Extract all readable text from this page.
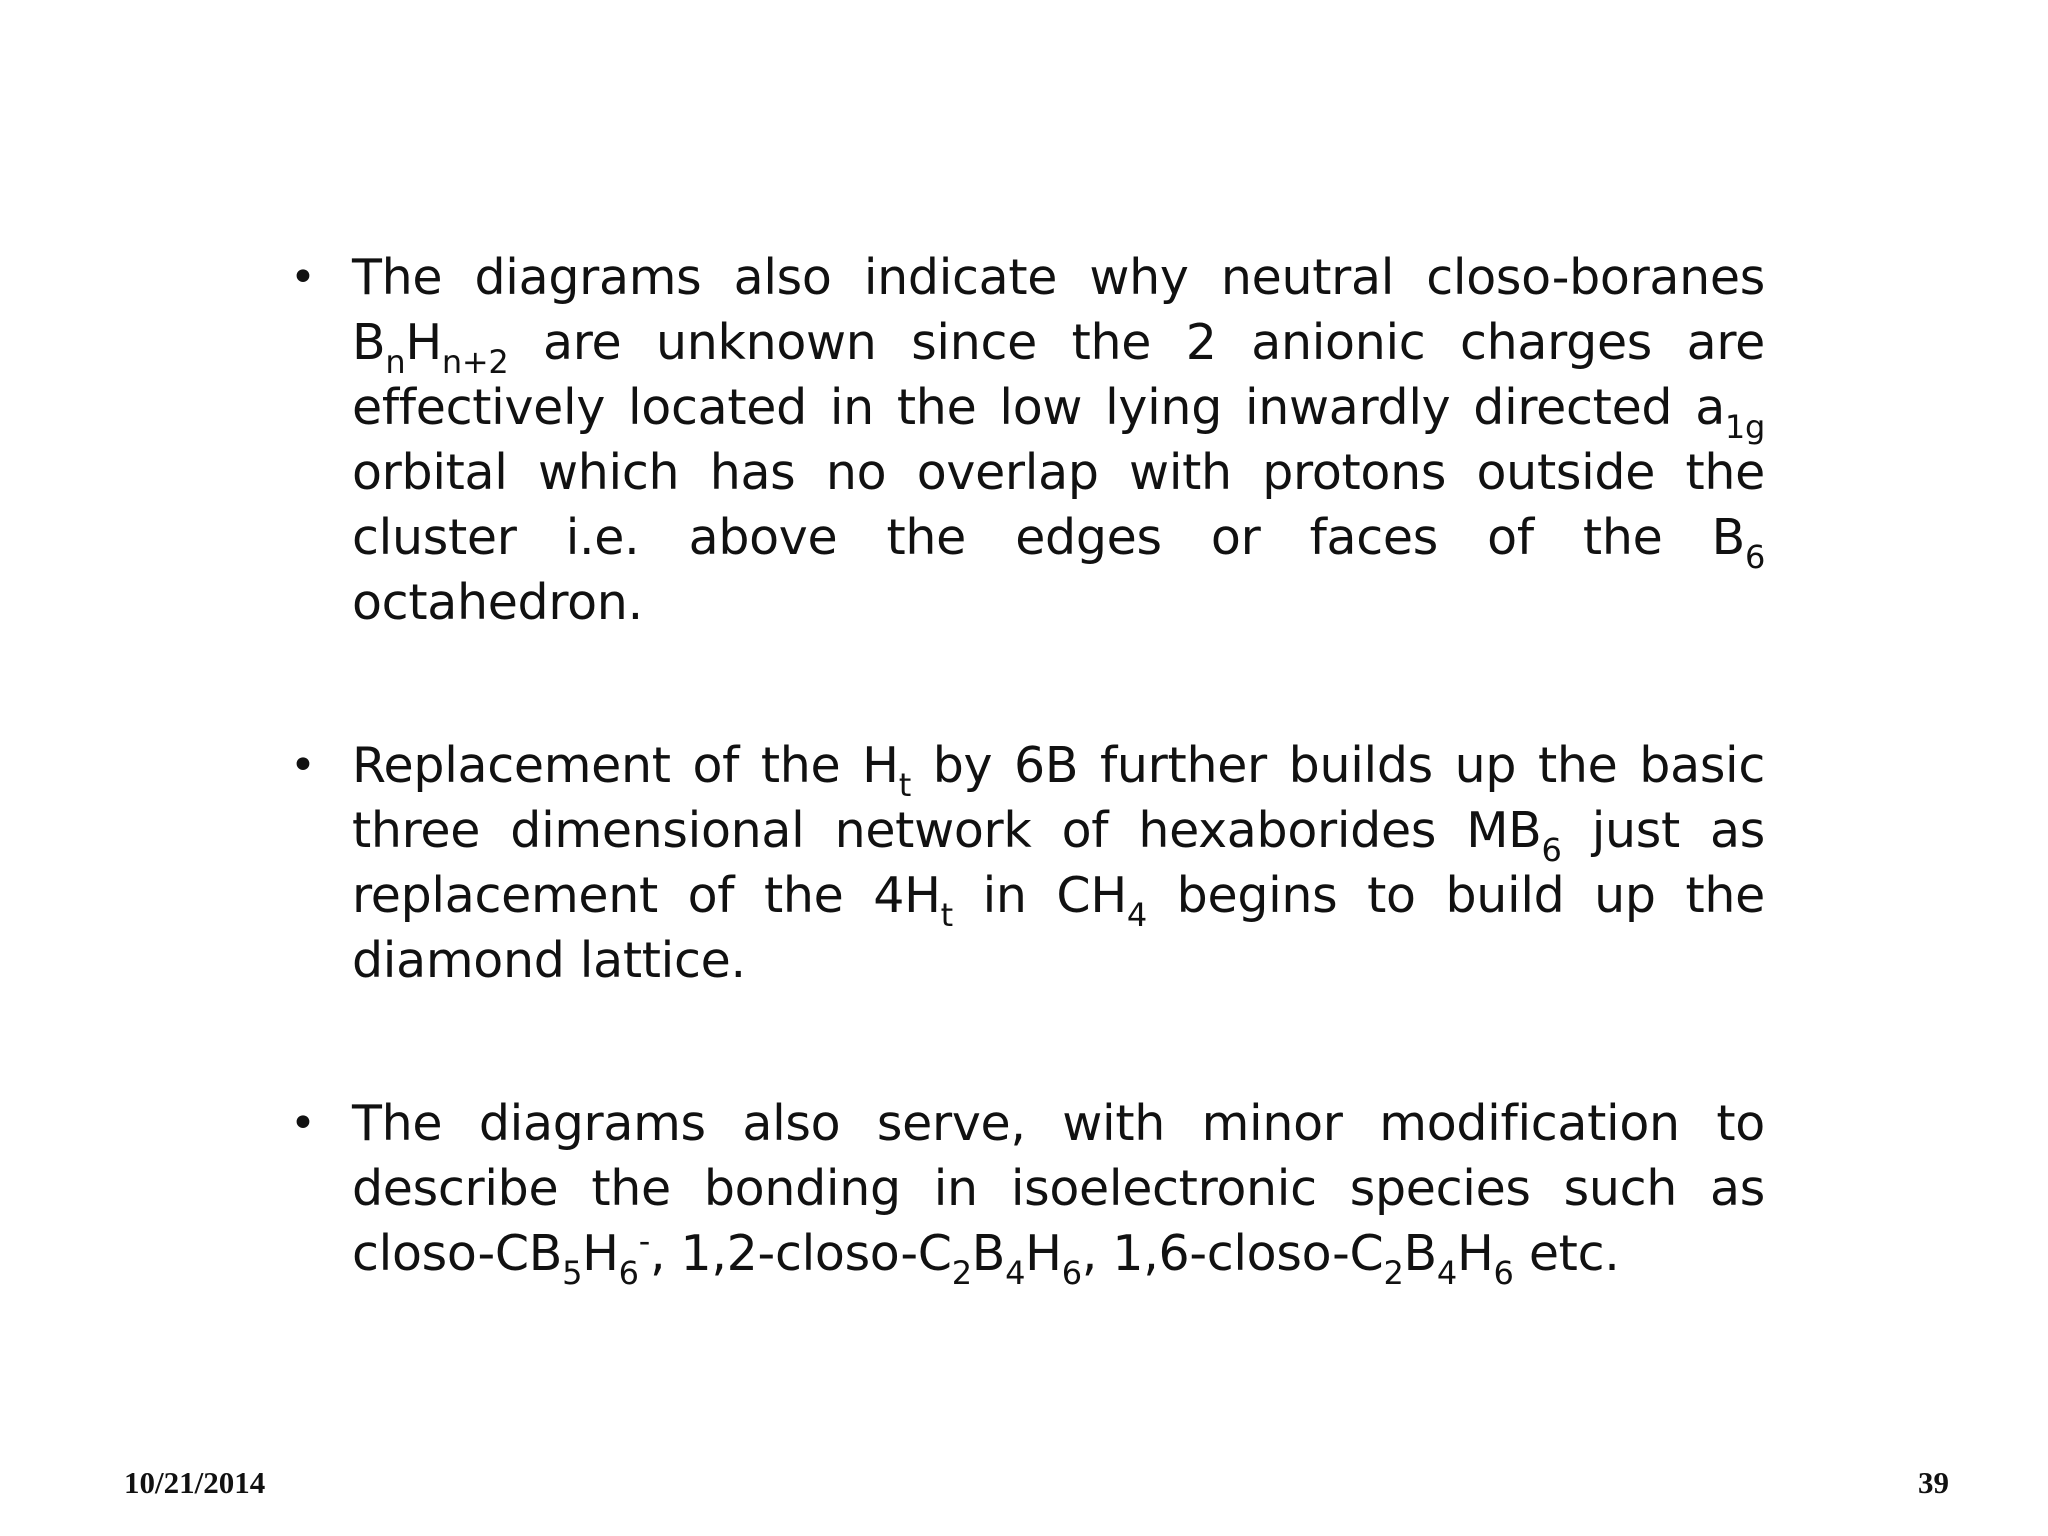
• The diagrams also indicate why neutral closo-boranes $B_nH_{n+2}$ are unknown since the 2 anionic charges are effectively located in the low lying inwardly directed $a_{1g}$ orbital which has no overlap with protons outside the cluster i.e. above the edges or faces of the $B_6$ octahedron.
• Replacement of the $H_t$ by 6B further builds up the basic three dimensional network of hexaborides $MB_6$ just as replacement of the $4H_t$ in $CH_4$ begins to build up the diamond lattice.
• The diagrams also serve, with minor modification to describe the bonding in isoelectronic species such as closo-$CB_5H_6^-$, $1,2-closo-C_2B_4H_6$, $1,6-closo-C_2B_4H_6$ etc.
10/21/2014	39
